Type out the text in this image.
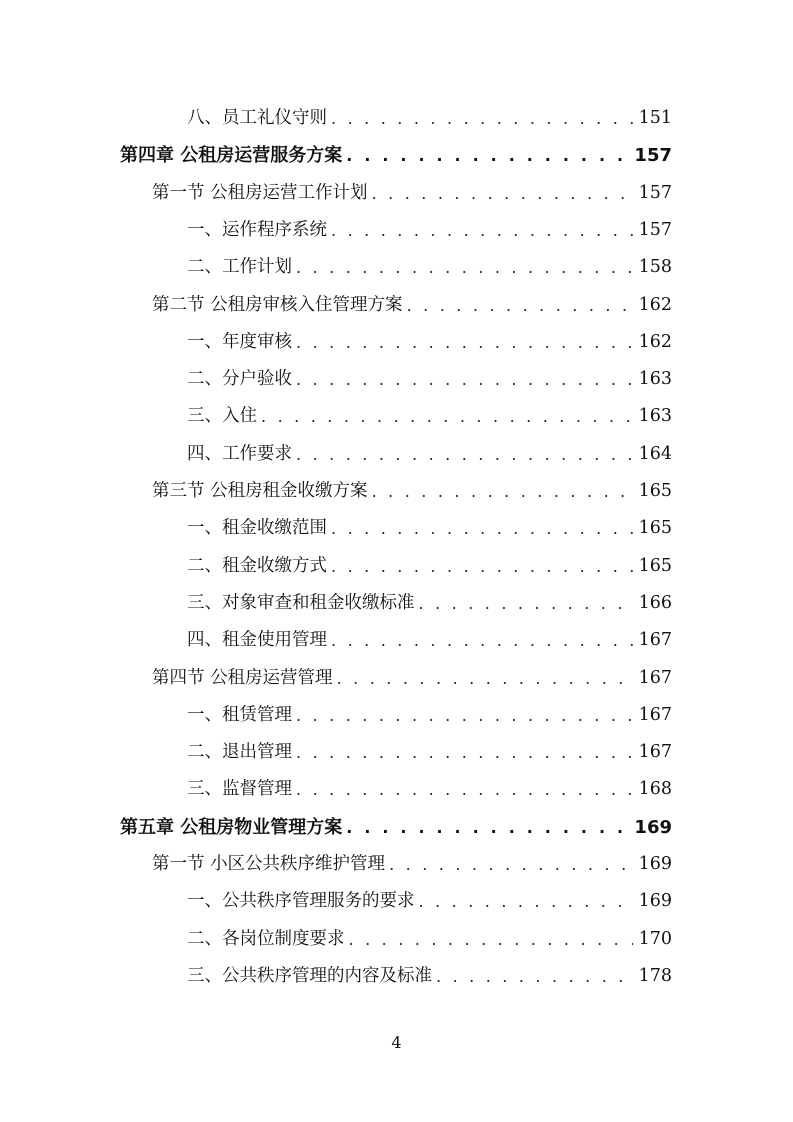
八、员工礼仪守则 . . .	151
第四章 公租房运营服务方案 . . .	157
第一节 公租房运营工作计划 . . .	157
一、运作程序系统 . . .	157
二、工作计划 . . .	158
第二节 公租房审核入住管理方案 . . .	162
一、年度审核 . . .	162
二、分户验收 . . .	163
三、入住 . . .	163
四、工作要求 . . .	164
第三节 公租房租金收缴方案 . . .	165
一、租金收缴范围 . . .	165
二、租金收缴方式 . . .	165
三、对象审查和租金收缴标准 . . .	166
四、租金使用管理 . . .	167
第四节 公租房运营管理 . . .	167
一、租赁管理 . . .	167
二、退出管理 . . .	167
三、监督管理 . . .	168
第五章 公租房物业管理方案 . . .	169
第一节 小区公共秩序维护管理 . . .	169
一、公共秩序管理服务的要求 . . .	169
二、各岗位制度要求 . . .	170
三、公共秩序管理的内容及标准 . . .	178
4
